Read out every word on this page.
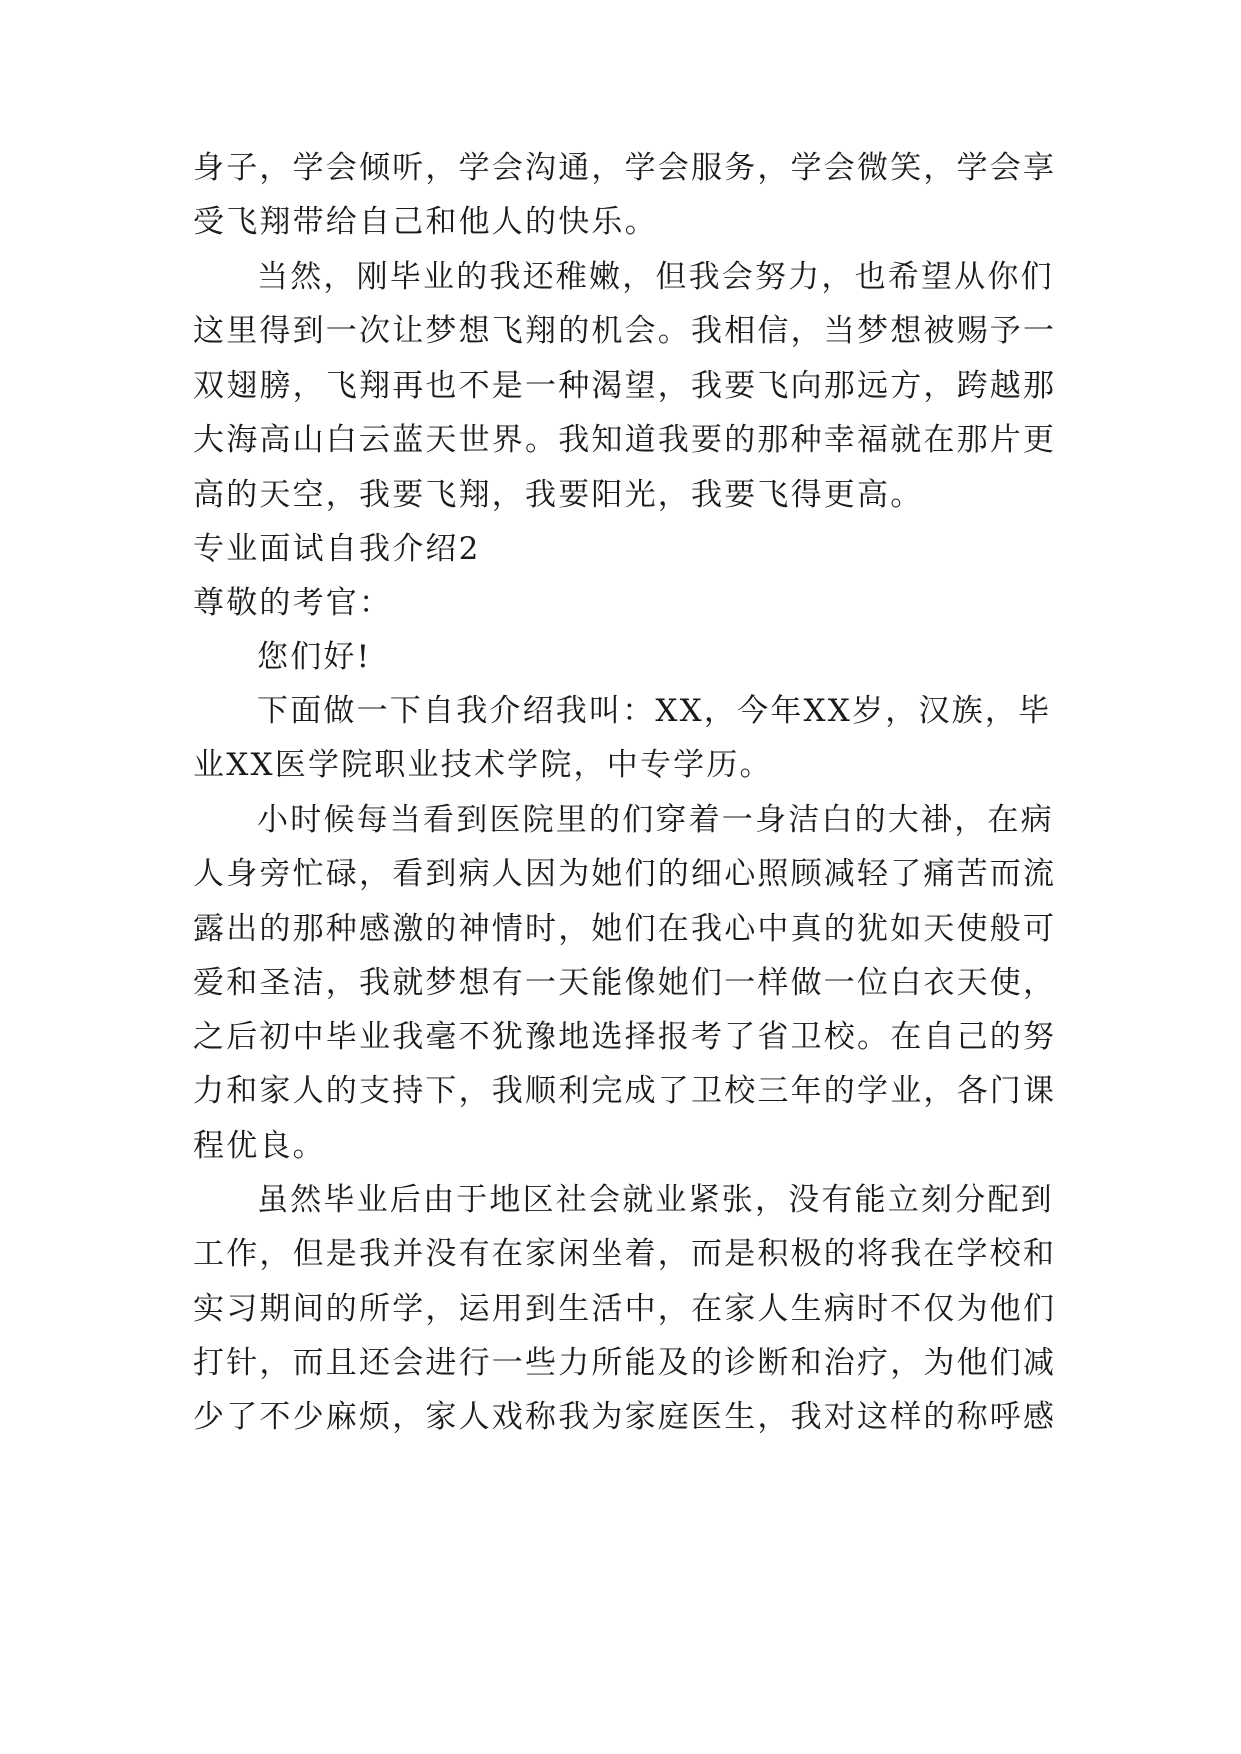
身子，学会倾听，学会沟通，学会服务，学会微笑，学会享

受飞翔带给自己和他人的快乐。

当然，刚毕业的我还稚嫩，但我会努力，也希望从你们

这里得到一次让梦想飞翔的机会。我相信，当梦想被赐予一

双翅膀，飞翔再也不是一种渴望，我要飞向那远方，跨越那

大海高山白云蓝天世界。我知道我要的那种幸福就在那片更

高的天空，我要飞翔，我要阳光，我要飞得更高。

专业面试自我介绍2

尊敬的考官：

您们好!

下面做一下自我介绍我叫：XX，今年XX岁，汉族，毕

业XX医学院职业技术学院，中专学历。

小时候每当看到医院里的们穿着一身洁白的大褂，在病

人身旁忙碌，看到病人因为她们的细心照顾减轻了痛苦而流

露出的那种感激的神情时，她们在我心中真的犹如天使般可

爱和圣洁，我就梦想有一天能像她们一样做一位白衣天使，

之后初中毕业我毫不犹豫地选择报考了省卫校。在自己的努

力和家人的支持下，我顺利完成了卫校三年的学业，各门课

程优良。

虽然毕业后由于地区社会就业紧张，没有能立刻分配到

工作，但是我并没有在家闲坐着，而是积极的将我在学校和

实习期间的所学，运用到生活中，在家人生病时不仅为他们

打针，而且还会进行一些力所能及的诊断和治疗，为他们减

少了不少麻烦，家人戏称我为家庭医生，我对这样的称呼感
